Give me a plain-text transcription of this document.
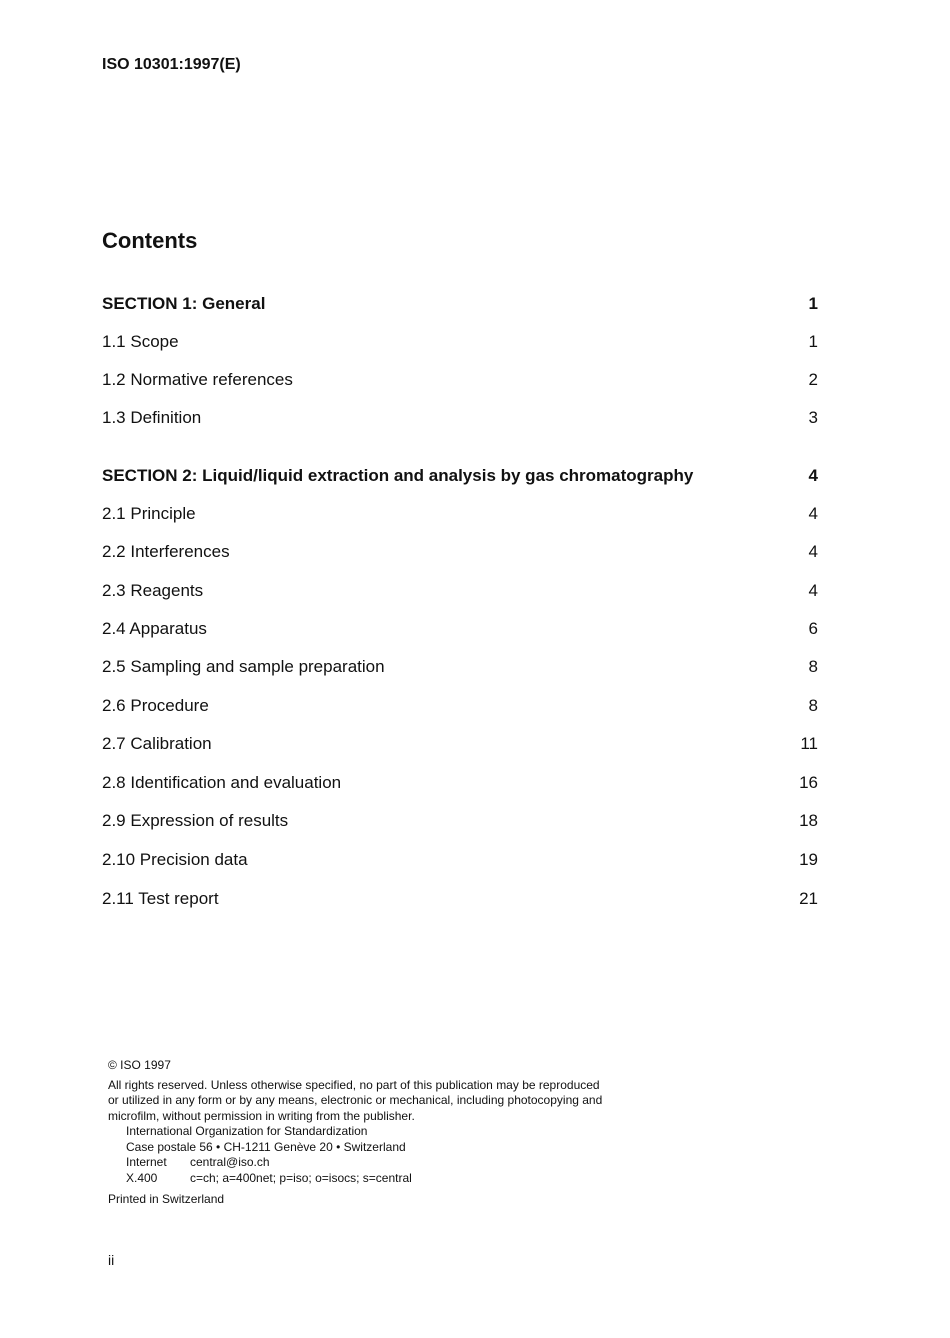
ISO 10301:1997(E)
Contents
SECTION 1: General	1
1.1 Scope	1
1.2 Normative references	2
1.3 Definition	3
SECTION 2: Liquid/liquid extraction and analysis by gas chromatography	4
2.1 Principle	4
2.2 Interferences	4
2.3 Reagents	4
2.4 Apparatus	6
2.5 Sampling and sample preparation	8
2.6 Procedure	8
2.7 Calibration	11
2.8 Identification and evaluation	16
2.9 Expression of results	18
2.10 Precision data	19
2.11 Test report	21
© ISO 1997
All rights reserved. Unless otherwise specified, no part of this publication may be reproduced
or utilized in any form or by any means, electronic or mechanical, including photocopying and
microfilm, without permission in writing from the publisher.
International Organization for Standardization
Case postale 56 • CH-1211 Genève 20 • Switzerland
Internet central@iso.ch
X.400	c=ch; a=400net; p=iso; o=isocs; s=central
Printed in Switzerland
ii
